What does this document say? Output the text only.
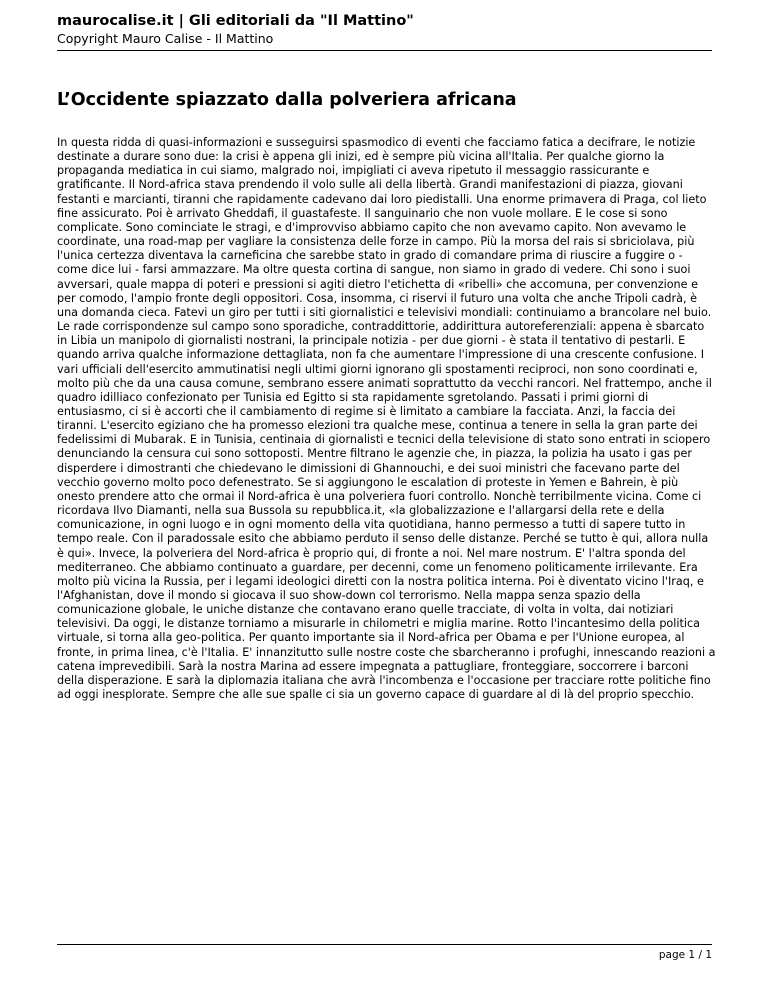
maurocalise.it | Gli editoriali da "Il Mattino"

Copyright Mauro Calise - Il Mattino

L’Occidente spiazzato dalla polveriera africana

In questa ridda di quasi-informazioni e susseguirsi spasmodico di eventi che facciamo fatica a decifrare, le notizie destinate a durare sono due: la crisi è appena gli inizi, ed è sempre più vicina all'Italia. Per qualche giorno la propaganda mediatica in cui siamo, malgrado noi, impigliati ci aveva ripetuto il messaggio rassicurante e gratificante. Il Nord-africa stava prendendo il volo sulle ali della libertà. Grandi manifestazioni di piazza, giovani festanti e marcianti, tiranni che rapidamente cadevano dai loro piedistalli. Una enorme primavera di Praga, col lieto fine assicurato. Poi è arrivato Gheddafi, il guastafeste. Il sanguinario che non vuole mollare. E le cose si sono complicate. Sono cominciate le stragi, e d'improvviso abbiamo capito che non avevamo capito. Non avevamo le coordinate, una road-map per vagliare la consistenza delle forze in campo. Più la morsa del rais si sbriciolava, più l'unica certezza diventava la carneficina che sarebbe stato in grado di comandare prima di riuscire a fuggire o - come dice lui - farsi ammazzare. Ma oltre questa cortina di sangue, non siamo in grado di vedere. Chi sono i suoi avversari, quale mappa di poteri e pressioni si agiti dietro l'etichetta di «ribelli» che accomuna, per convenzione e per comodo, l'ampio fronte degli oppositori. Cosa, insomma, ci riservi il futuro una volta che anche Tripoli cadrà, è una domanda cieca. Fatevi un giro per tutti i siti giornalistici e televisivi mondiali: continuiamo a brancolare nel buio. Le rade corrispondenze sul campo sono sporadiche, contraddittorie, addirittura autoreferenziali: appena è sbarcato in Libia un manipolo di giornalisti nostrani, la principale notizia - per due giorni - è stata il tentativo di pestarli. E quando arriva qualche informazione dettagliata, non fa che aumentare l'impressione di una crescente confusione. I vari ufficiali dell'esercito ammutinatisi negli ultimi giorni ignorano gli spostamenti reciproci, non sono coordinati e, molto più che da una causa comune, sembrano essere animati soprattutto da vecchi rancori. Nel frattempo, anche il quadro idilliaco confezionato per Tunisia ed Egitto si sta rapidamente sgretolando. Passati i primi giorni di entusiasmo, ci si è accorti che il cambiamento di regime si è limitato a cambiare la facciata. Anzi, la faccia dei tiranni. L'esercito egiziano che ha promesso elezioni tra qualche mese, continua a tenere in sella la gran parte dei fedelissimi di Mubarak. E in Tunisia, centinaia di giornalisti e tecnici della televisione di stato sono entrati in sciopero denunciando la censura cui sono sottoposti. Mentre filtrano le agenzie che, in piazza, la polizia ha usato i gas per disperdere i dimostranti che chiedevano le dimissioni di Ghannouchi, e dei suoi ministri che facevano parte del vecchio governo molto poco defenestrato. Se si aggiungono le escalation di proteste in Yemen e Bahrein, è più onesto prendere atto che ormai il Nord-africa è una polveriera fuori controllo. Nonchè terribilmente vicina. Come ci ricordava Ilvo Diamanti, nella sua Bussola su repubblica.it, «la globalizzazione e l'allargarsi della rete e della comunicazione, in ogni luogo e in ogni momento della vita quotidiana, hanno permesso a tutti di sapere tutto in tempo reale. Con il paradossale esito che abbiamo perduto il senso delle distanze. Perché se tutto è qui, allora nulla è qui». Invece, la polveriera del Nord-africa è proprio qui, di fronte a noi. Nel mare nostrum. E' l'altra sponda del mediterraneo. Che abbiamo continuato a guardare, per decenni, come un fenomeno politicamente irrilevante. Era molto più vicina la Russia, per i legami ideologici diretti con la nostra politica interna. Poi è diventato vicino l'Iraq, e l'Afghanistan, dove il mondo si giocava il suo show-down col terrorismo. Nella mappa senza spazio della comunicazione globale, le uniche distanze che contavano erano quelle tracciate, di volta in volta, dai notiziari televisivi. Da oggi, le distanze torniamo a misurarle in chilometri e miglia marine. Rotto l'incantesimo della politica virtuale, si torna alla geo-politica. Per quanto importante sia il Nord-africa per Obama e per l'Unione europea, al fronte, in prima linea, c'è l'Italia. E' innanzitutto sulle nostre coste che sbarcheranno i profughi, innescando reazioni a catena imprevedibili. Sarà la nostra Marina ad essere impegnata a pattugliare, fronteggiare, soccorrere i barconi della disperazione. E sarà la diplomazia italiana che avrà l'incombenza e l'occasione per tracciare rotte politiche fino ad oggi inesplorate. Sempre che alle sue spalle ci sia un governo capace di guardare al di là del proprio specchio.

page 1 / 1
